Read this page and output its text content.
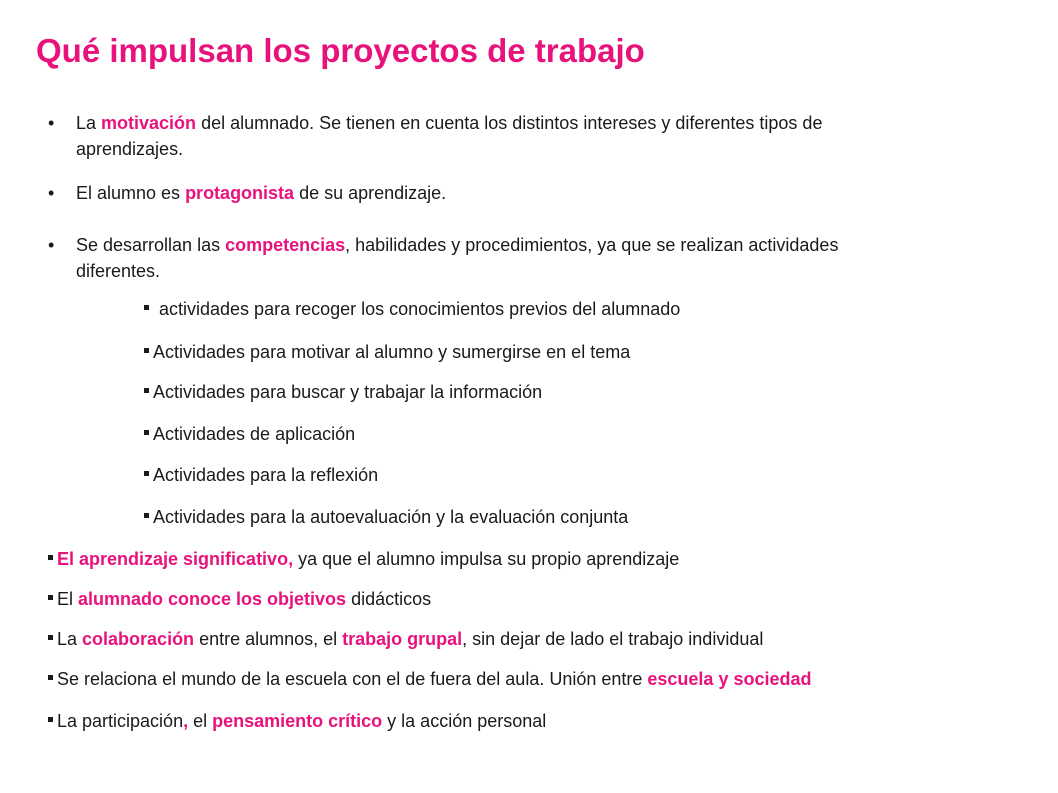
Qué impulsan los proyectos de trabajo
• La motivación del alumnado. Se tienen en cuenta los distintos intereses y diferentes tipos de
aprendizajes.
• El alumno es protagonista de su aprendizaje.
• Se desarrollan las competencias, habilidades y procedimientos, ya que se realizan actividades
diferentes.
actividades para recoger los conocimientos previos del alumnado
Actividades para motivar al alumno y sumergirse en el tema
Actividades para buscar y trabajar la información
Actividades de aplicación
Actividades para la reflexión
Actividades para la autoevaluación y la evaluación conjunta
El aprendizaje significativo, ya que el alumno impulsa su propio aprendizaje
El alumnado conoce los objetivos didácticos
La colaboración entre alumnos, el trabajo grupal, sin dejar de lado el trabajo individual
Se relaciona el mundo de la escuela con el de fuera del aula. Unión entre escuela y sociedad
La participación, el pensamiento crítico y la acción personal
